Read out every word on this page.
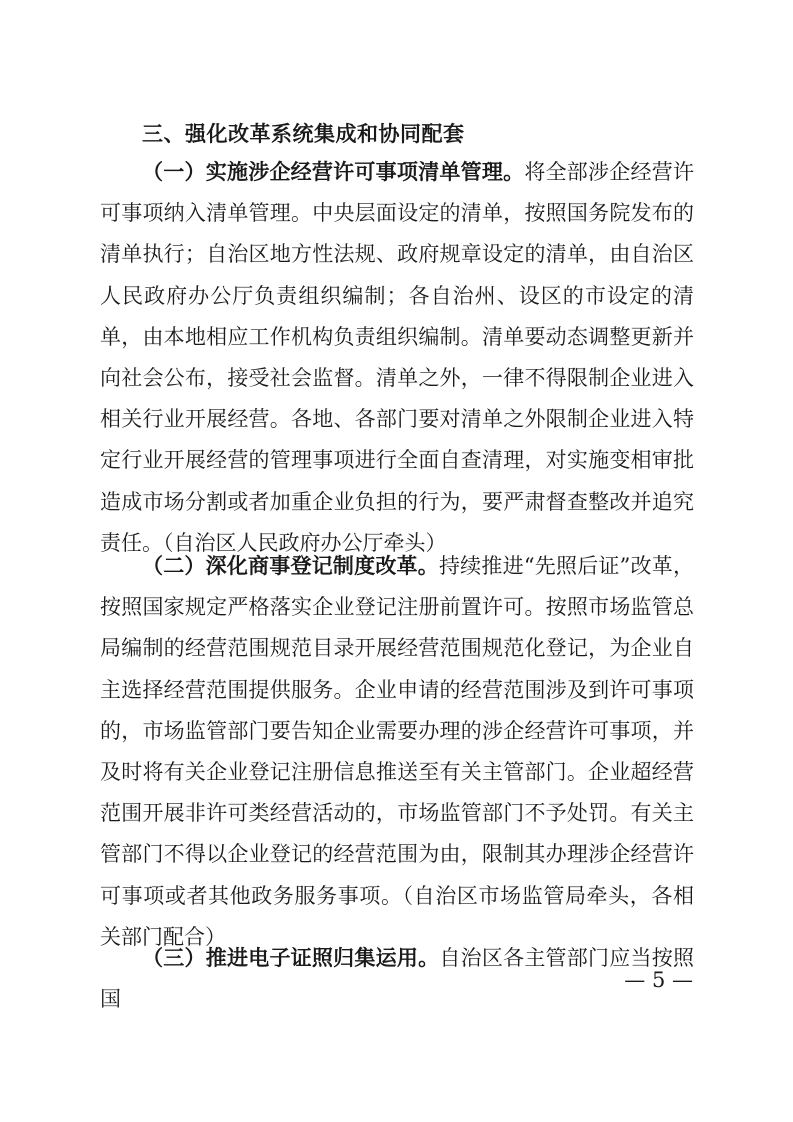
三、强化改革系统集成和协同配套

（一）实施涉企经营许可事项清单管理。将全部涉企经营许可事项纳入清单管理。中央层面设定的清单，按照国务院发布的清单执行；自治区地方性法规、政府规章设定的清单，由自治区人民政府办公厅负责组织编制；各自治州、设区的市设定的清单，由本地相应工作机构负责组织编制。清单要动态调整更新并向社会公布，接受社会监督。清单之外，一律不得限制企业进入相关行业开展经营。各地、各部门要对清单之外限制企业进入特定行业开展经营的管理事项进行全面自查清理，对实施变相审批造成市场分割或者加重企业负担的行为，要严肃督查整改并追究责任。（自治区人民政府办公厅牵头）

（二）深化商事登记制度改革。持续推进“先照后证”改革，按照国家规定严格落实企业登记注册前置许可。按照市场监管总局编制的经营范围规范目录开展经营范围规范化登记，为企业自主选择经营范围提供服务。企业申请的经营范围涉及到许可事项的，市场监管部门要告知企业需要办理的涉企经营许可事项，并及时将有关企业登记注册信息推送至有关主管部门。企业超经营范围开展非许可类经营活动的，市场监管部门不予处罚。有关主管部门不得以企业登记的经营范围为由，限制其办理涉企经营许可事项或者其他政务服务事项。（自治区市场监管局牵头，各相关部门配合）

（三）推进电子证照归集运用。自治区各主管部门应当按照国

— 5 —
